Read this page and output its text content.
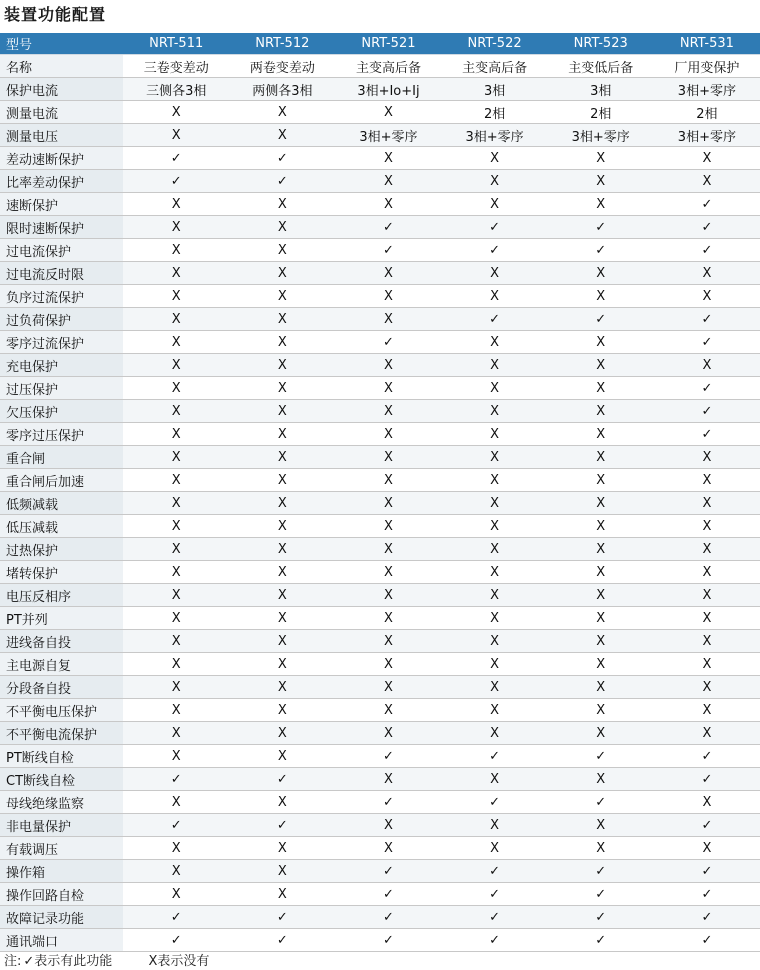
装置功能配置
型号	NRT-511	NRT-512	NRT-521	NRT-522	NRT-523	NRT-531
名称	三卷变差动	两卷变差动	主变高后备	主变高后备	主变低后备	厂用变保护
保护电流	三侧各3相	两侧各3相	3相+Io+Ij	3相	3相	3相+零序
测量电流	X	X	X	2相	2相	2相
测量电压	X	X	3相+零序	3相+零序	3相+零序	3相+零序
差动速断保护	✓	✓	X	X	X	X
比率差动保护	✓	✓	X	X	X	X
速断保护	X	X	X	X	X	✓
限时速断保护	X	X	✓	✓	✓	✓
过电流保护	X	X	✓	✓	✓	✓
过电流反时限	X	X	X	X	X	X
负序过流保护	X	X	X	X	X	X
过负荷保护	X	X	X	✓	✓	✓
零序过流保护	X	X	✓	X	X	✓
充电保护	X	X	X	X	X	X
过压保护	X	X	X	X	X	✓
欠压保护	X	X	X	X	X	✓
零序过压保护	X	X	X	X	X	✓
重合闸	X	X	X	X	X	X
重合闸后加速	X	X	X	X	X	X
低频减载	X	X	X	X	X	X
低压减载	X	X	X	X	X	X
过热保护	X	X	X	X	X	X
堵转保护	X	X	X	X	X	X
电压反相序	X	X	X	X	X	X
PT并列	X	X	X	X	X	X
进线备自投	X	X	X	X	X	X
主电源自复	X	X	X	X	X	X
分段备自投	X	X	X	X	X	X
不平衡电压保护	X	X	X	X	X	X
不平衡电流保护	X	X	X	X	X	X
PT断线自检	X	X	✓	✓	✓	✓
CT断线自检	✓	✓	X	X	X	✓
母线绝缘监察	X	X	✓	✓	✓	X
非电量保护	✓	✓	X	X	X	✓
有载调压	X	X	X	X	X	X
操作箱	X	X	✓	✓	✓	✓
操作回路自检	X	X	✓	✓	✓	✓
故障记录功能	✓	✓	✓	✓	✓	✓
通讯端口	✓	✓	✓	✓	✓	✓
注: ✓表示有此功能	X表示没有
